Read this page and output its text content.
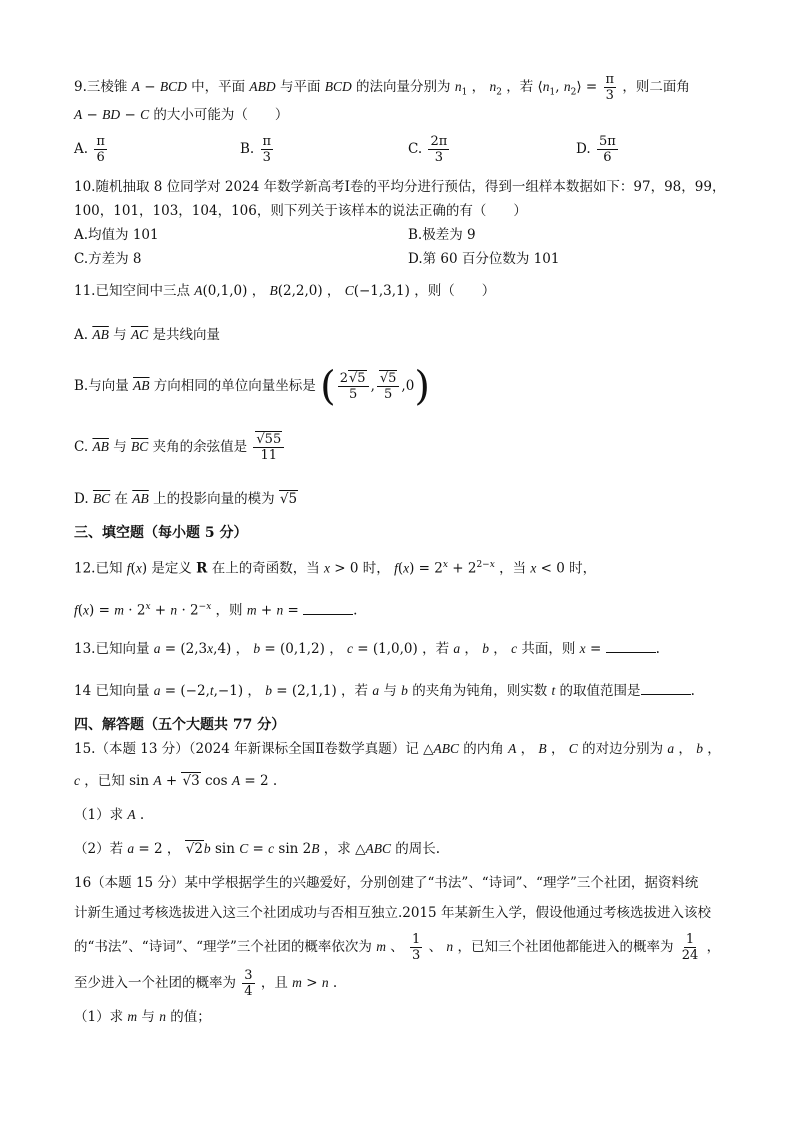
9.三棱锥 A − BCD 中，平面 ABD 与平面 BCD 的法向量分别为 $n_1$ ， $n_2$ ，若 $⟨n_1$, $n_2⟩ = \frac{\pi}{3}$ ，则二面角
A − BD − C 的大小可能为（　　）
A. $\frac{\pi}{6}$	B. $\frac{\pi}{3}$	C. $\frac{2\pi}{3}$	D. $\frac{5\pi}{6}$
10.随机抽取 8 位同学对 2024 年数学新高考Ⅰ卷的平均分进行预估，得到一组样本数据如下：97，98，99，
100，101，103，104，106，则下列关于该样本的说法正确的有（　　）
A.均值为 101	B.极差为 9
C.方差为 8	D.第 60 百分位数为 101
11.已知空间中三点 A(0,1,0) ， B(2,2,0) ， C(−1,3,1) ，则（　　）
A. $\overline{AB}$ 与 $\overline{AC}$ 是共线向量
B.与向量 $\overline{AB}$ 方向相同的单位向量坐标是 ( $\frac{2√5}{5}$ , $\frac{√5}{5} ,0$)
C. $\overline{AB}$ 与 $\overline{BC}$ 夹角的余弦值是 $\frac{√55}{11}$
D. $\overline{BC}$ 在 $\overline{AB}$ 上的投影向量的模为 √5
三、填空题（每小题 5 分）
12.已知 f(x) 是定义 R 在上的奇函数，当 x > 0 时， $f(x) = 2^x + 2^{2-x}$ ，当 x < 0 时，
$f(x) = m \cdot 2^x + n \cdot 2^{-x}$ ，则 m + n =	.
13.已知向量 a = (2,3x,4) ， b = (0,1,2) ， c = (1,0,0) ，若 a ， b ， c 共面，则 x =	.
14 已知向量 a = (−2,t,−1) ， b = (2,1,1) ，若 a 与 b 的夹角为钝角，则实数 t 的取值范围是	.
四、解答题（五个大题共 77 分）
15.（本题 13 分）（2024 年新课标全国Ⅱ卷数学真题）记 △ABC 的内角 A ， B ， C 的对边分别为 a ， b ，
c ，已知 sin A + √3 cos A = 2 .
（1）求 A .
（2）若 a = 2 ， √2b sin C = c sin 2B ，求 △ABC 的周长.
16（本题 15 分）某中学根据学生的兴趣爱好，分别创建了“书法”、“诗词”、“理学”三个社团，据资料统
计新生通过考核选拔进入这三个社团成功与否相互独立.2015 年某新生入学，假设他通过考核选拔进入该校
的“书法”、“诗词”、“理学”三个社团的概率依次为 m 、 $\frac{1}{3}$ 、 n ，已知三个社团他都能进入的概率为 $\frac{1}{24}$ ，
至少进入一个社团的概率为 $\frac{3}{4}$ ，且 m > n .
（1）求 m 与 n 的值；
